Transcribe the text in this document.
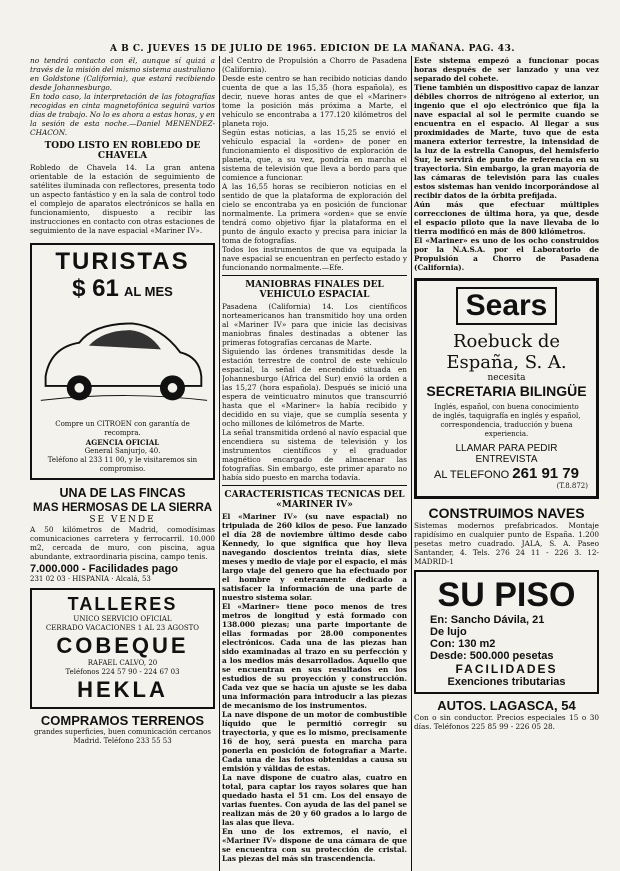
A B C. JUEVES 15 DE JULIO DE 1965. EDICION DE LA MAÑANA. PAG. 43.

no tendrá contacto con él, aunque sí quizá a través de la misión del mismo sistema australiano en Goldstone (California), que estará recibiendo desde Johannesburgo.

En todo caso, la interpretación de las fotografías recogidas en cinta magnetofónica seguirá varios días de trabajo. No lo es ahora a estas horas, y en la sesión de esta noche.—Daniel MENENDEZ-CHACON.

TODO LISTO EN ROBLEDO DE CHAVELA

Robledo de Chavela 14. La gran antena orientable de la estación de seguimiento de satélites iluminada con reflectores, presenta todo un aspecto fantástico y en la sala de control todo el complejo de aparatos electrónicos se halla en funcionamiento, dispuesto a recibir las instrucciones en contacto con otras estaciones de seguimiento de la nave espacial «Mariner IV».

TURISTAS
$ 61 AL MES

Compre un CITROEN con garantía de recompra.

AGENCIA OFICIAL

General Sanjurjo, 40.

Teléfono al 233 11 00, y le visitaremos sin compromiso.

UNA DE LAS FINCAS
MAS HERMOSAS DE LA SIERRA
SE VENDE

A 50 kilómetros de Madrid, comodísimas comunicaciones carretera y ferrocarril. 10.000 m2, cercada de muro, con piscina, agua abundante, extraordinaria piscina, campo tenis.

7.000.000 - Facilidades pago

231 02 03 · HISPANIA · Alcalá, 53

TALLERES

UNICO SERVICIO OFICIAL

CERRADO VACACIONES 1 AL 23 AGOSTO

COBEQUE

RAFAEL CALVO, 20

Teléfonos 224 57 90 - 224 67 03

HEKLA
COMPRAMOS TERRENOS

grandes superficies, buen comunicación cercanos Madrid. Teléfono 233 55 53

del Centro de Propulsión a Chorro de Pasadena (California).

Desde este centro se han recibido noticias dando cuenta de que a las 15,35 (hora española), es decir, nueve horas antes de que el «Mariner» tome la posición más próxima a Marte, el vehículo se encontraba a 177.120 kilómetros del planeta rojo.

Según estas noticias, a las 15,25 se envió el vehículo espacial la «orden» de poner en funcionamiento el dispositivo de exploración de planeta, que, a su vez, pondría en marcha el sistema de televisión que lleva a bordo para que comience a funcionar.

A las 16,55 horas se recibieron noticias en el sentido de que la plataforma de exploración del cielo se encontraba ya en posición de funcionar normalmente. La primera «orden» que se envíe tendrá como objetivo fijar la plataforma en el punto de ángulo exacto y precisa para iniciar la toma de fotografías.

Todos los instrumentos de que va equipada la nave espacial se encuentran en perfecto estado y funcionando normalmente.—Efe.

MANIOBRAS FINALES DEL VEHICULO ESPACIAL

Pasadena (California) 14. Los científicos norteamericanos han transmitido hoy una orden al «Mariner IV» para que inicie las decisivas maniobras finales destinadas a obtener las primeras fotografías cercanas de Marte.

Siguiendo las órdenes transmitidas desde la estación terrestre de control de este vehículo espacial, la señal de encendido situada en Johannesburgo (Africa del Sur) envió la orden a las 15,27 (hora española). Después se inició una espera de veinticuatro minutos que transcurrió hasta que el «Mariner» la había recibido y decidido en su viaje, que se cumplía sesenta y ocho millones de kilómetros de Marte.

La señal transmitida ordenó al navío espacial que encendiera su sistema de televisión y los instrumentos científicos y el graduador magnético encargado de almacenar las fotografías. Sin embargo, este primer aparato no había sido puesto en marcha todavía.

CARACTERISTICAS TECNICAS DEL «MARINER IV»

El «Mariner IV» (su nave espacial) no tripulada de 260 kilos de peso. Fue lanzado el día 28 de noviembre último desde cabo Kennedy, lo que significa que hoy lleva navegando doscientos treinta días, siete meses y medio de viaje por el espacio, el más largo viaje del genero que ha efectuado por el hombre y enteramente dedicado a satisfacer la información de una parte de nuestro sistema solar.

El «Mariner» tiene poco menos de tres metros de longitud y está formado con 138.000 piezas; una parte importante de ellas formadas por 28.00 componentes electrónicos. Cada una de las piezas han sido examinadas al trazo en su perfección y a los medios más desarrollados. Aquello que se encuentran en sus resultados en los estudios de su proyección y construcción. Cada vez que se hacía un ajuste se les daba una información para introducir a las piezas de mecanismo de los instrumentos.

La nave dispone de un motor de combustible líquido que le permitió corregir su trayectoria, y que es lo mismo, precisamente 16 de hoy, será puesta en marcha para ponerla en posición de fotografiar a Marte. Cada una de las fotos obtenidas a causa su emisión y válidas de estas.

La nave dispone de cuatro alas, cuatro en total, para captar los rayos solares que han quedado hasta el 51 cm. Los del ensayo de varias fuentes. Con ayuda de las del panel se realizan más de 20 y 60 grados a lo largo de las alas que lleva.

En uno de los extremos, el navío, el «Mariner IV» dispone de una cámara de que se encuentra con su protección de cristal. Las piezas del más sin trascendencia.

Este sistema empezó a funcionar pocas horas después de ser lanzado y una vez separado del cohete.

Tiene también un dispositivo capaz de lanzar débiles chorros de nitrógeno al exterior, un ingenio que el ojo electrónico que fija la nave espacial al sol le permite cuando se encuentra en el espacio. Al llegar a sus proximidades de Marte, tuvo que de esta manera exterior terrestre, la intensidad de la luz de la estrella Canopus, del hemisferio Sur, le servirá de punto de referencia en su trayectoria. Sin embargo, la gran mayoría de las cámaras de televisión para las cuales estos sistemas han venido incorporándose al recibir datos de la órbita prefijada.

Aún más que efectuar múltiples correcciones de última hora, ya que, desde el espacio piloto que la nave llevaba de lo tierra modificó en más de 800 kilómetros.

El «Mariner» es uno de los ocho construidos por la N.A.S.A. por el Laboratorio de Propulsión a Chorro de Pasadena (California).

Sears
Roebuck de
España, S. A.
necesita
SECRETARIA BILINGÜE

Inglés, español, con buena conocimiento de inglés, taquigrafía en inglés y español, correspondencia, traducción y buena experiencia.

LLAMAR PARA PEDIR ENTREVISTA
AL TELEFONO 261 91 79
(T.8.872)
CONSTRUIMOS NAVES

Sistemas modernos prefabricados. Montaje rapidísimo en cualquier punto de España. 1.200 pesetas metro cuadrado. JALA, S. A. Paseo Santander, 4. Tels. 276 24 11 - 226 3. 12-MADRID-1

SU PISO
En: Sancho Dávila, 21
De lujo
Con: 130 m2
Desde: 500.000 pesetas
FACILIDADES
Exenciones tributarias
AUTOS. LAGASCA, 54

Con o sin conductor. Precios especiales 15 o 30 días. Teléfonos 225 85 99 - 226 05 28.
